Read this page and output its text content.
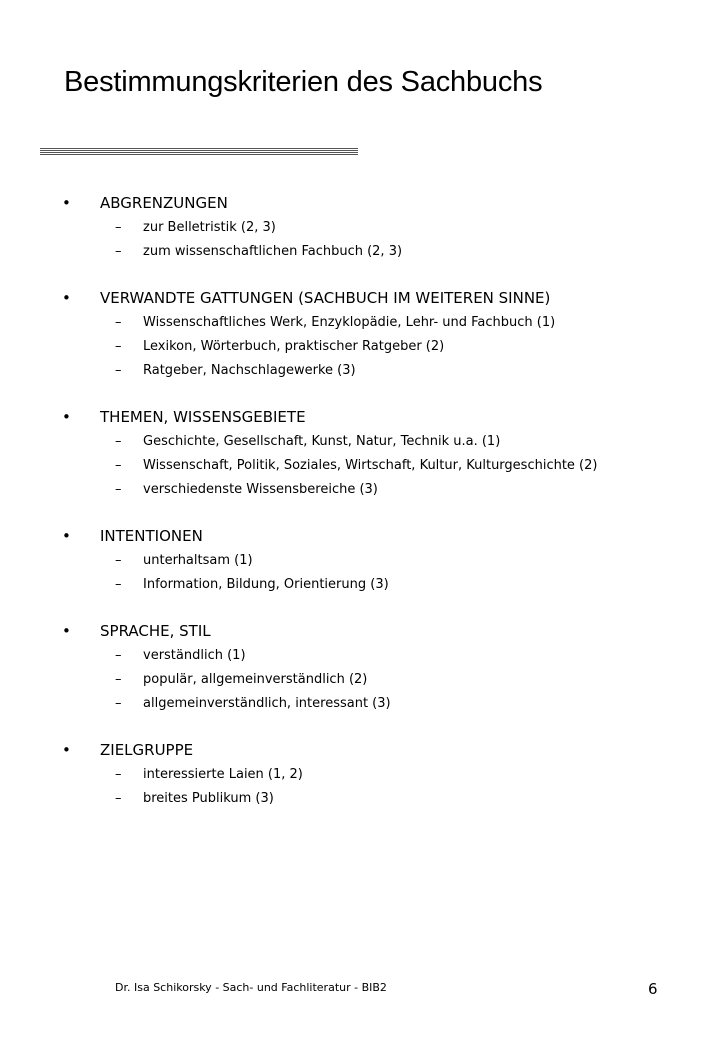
Bestimmungskriterien des Sachbuchs
• ABGRENZUNGEN
– zur Belletristik (2, 3)
– zum wissenschaftlichen Fachbuch (2, 3)
• VERWANDTE GATTUNGEN (SACHBUCH IM WEITEREN SINNE)
– Wissenschaftliches Werk, Enzyklopädie, Lehr- und Fachbuch (1)
– Lexikon, Wörterbuch, praktischer Ratgeber (2)
– Ratgeber, Nachschlagewerke (3)
• THEMEN, WISSENSGEBIETE
– Geschichte, Gesellschaft, Kunst, Natur, Technik u.a. (1)
– Wissenschaft, Politik, Soziales, Wirtschaft, Kultur, Kulturgeschichte (2)
– verschiedenste Wissensbereiche (3)
• INTENTIONEN
– unterhaltsam (1)
– Information, Bildung, Orientierung (3)
• SPRACHE, STIL
– verständlich (1)
– populär, allgemeinverständlich (2)
– allgemeinverständlich, interessant (3)
• ZIELGRUPPE
– interessierte Laien (1, 2)
– breites Publikum (3)
Dr. Isa Schikorsky - Sach- und Fachliteratur - BIB2	6
